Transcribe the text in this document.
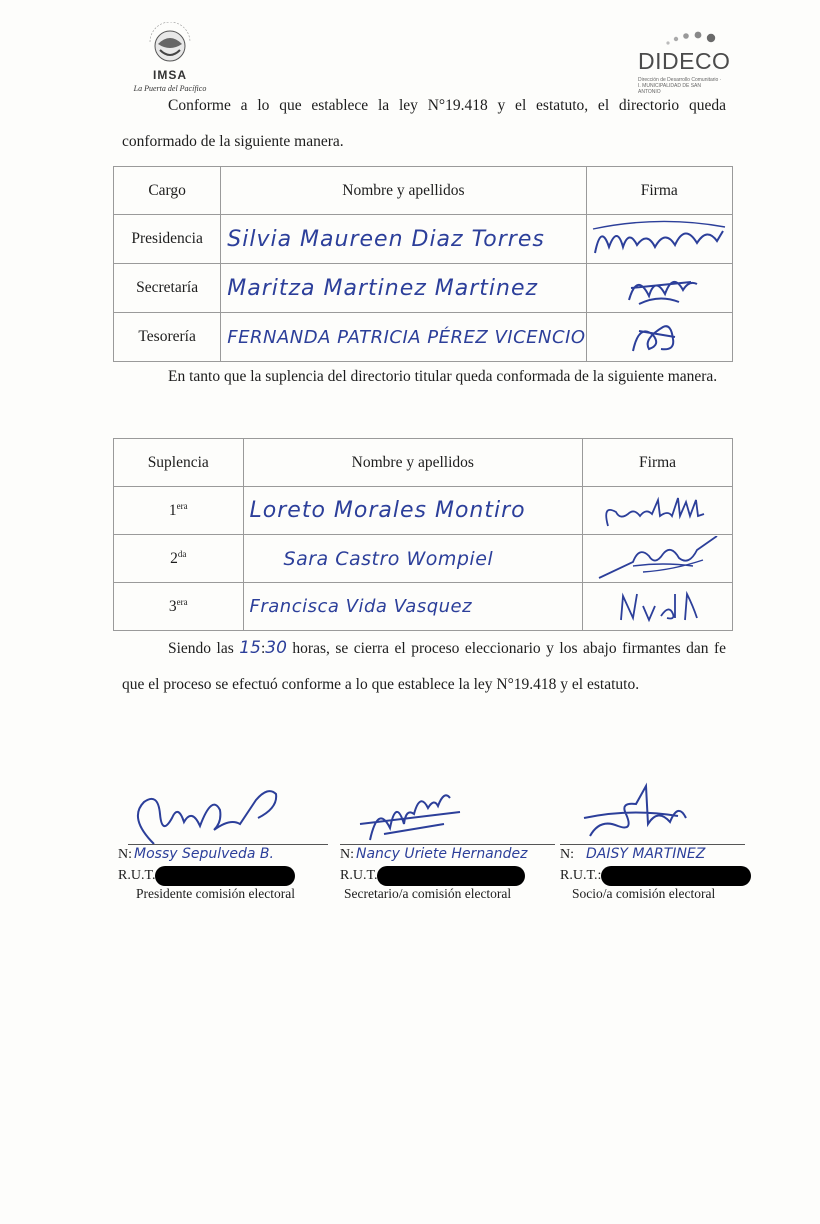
IMSA
La Puerta del Pacífico
DIDECO
Dirección de Desarrollo Comunitario · I. MUNICIPALIDAD DE SAN ANTONIO

Conforme a lo que establece la ley N°19.418 y el estatuto, el directorio queda conformado de la siguiente manera.

Cargo	Nombre y apellidos	Firma
Presidencia	Silvia Maureen Diaz Torres	

Secretaría	Maritza Martinez Martinez	

Tesorería	FERNANDA PATRICIA PÉREZ VICENCIO	

En tanto que la suplencia del directorio titular queda conformada de la siguiente manera.

Suplencia	Nombre y apellidos	Firma
$1^{era}$	Loreto Morales Montiro	

$2^{da}$	Sara Castro Wompiel	

$3^{era}$	Francisca Vida Vasquez	

Siendo las 15:30 horas, se cierra el proceso eleccionario y los abajo firmantes dan fe que el proceso se efectuó conforme a lo que establece la ley N°19.418 y el estatuto.

N: Mossy Sepulveda B.
R.U.T.
Presidente comisión electoral
N: Nancy Uriete Hernandez
R.U.T.
Secretario/a comisión electoral
N: DAISY MARTINEZ
R.U.T.:
Socio/a comisión electoral
